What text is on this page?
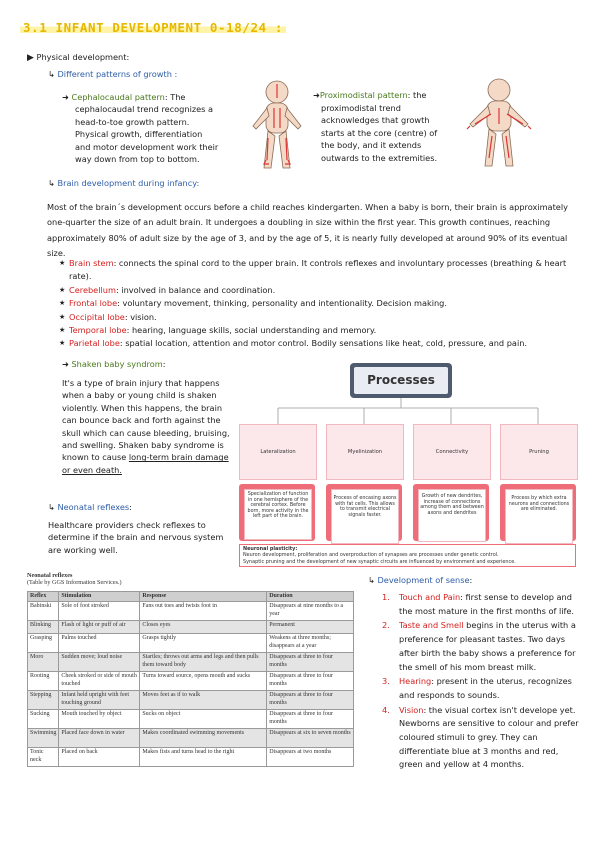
3.1 INFANT DEVELOPMENT 0-18/24 :
▶ Physical development:
↳ Different patterns of growth :

➜ Cephalocaudal pattern: The

cephalocaudal trend recognizes a

head-to-toe growth pattern.

Physical growth, differentiation

and motor development work their

way down from top to bottom.

➜Proximodistal pattern: the

proximodistal trend

acknowledges that growth

starts at the core (centre) of

the body, and it extends

outwards to the extremities.

↳ Brain development during infancy:

Most of the brain´s development occurs before a child reaches kindergarten. When a baby is born, their brain is approximately one-quarter the size of an adult brain. It undergoes a doubling in size within the first year. This growth continues, reaching approximately 80% of adult size by the age of 3, and by the age of 5, it is nearly fully developed at around 90% of its eventual size.

★ Brain stem: connects the spinal cord to the upper brain. It controls reflexes and involuntary processes (breathing & heart rate).
★ Cerebellum: involved in balance and coordination.
★ Frontal lobe: voluntary movement, thinking, personality and intentionality. Decision making.
★ Occipital lobe: vision.
★ Temporal lobe: hearing, language skills, social understanding and memory.
★ Parietal lobe: spatial location, attention and motor control. Bodily sensations like heat, cold, pressure, and pain.
➜ Shaken baby syndrom:

It's a type of brain injury that happens when a baby or young child is shaken violently. When this happens, the brain can bounce back and forth against the skull which can cause bleeding, bruising, and swelling. Shaken baby syndrome is known to cause long-term brain damage or even death.

↳ Neonatal reflexes:

Healthcare providers check reflexes to determine if the brain and nervous system are working well.

Processes
Lateralization	Myelinization	Connectivity	Pruning
Specialization of function in one hemisphere of the cerebral cortex. Before born, more activity in the left part of the brain.
Process of encasing axons with fat cells. This allows to transmit electrical signals faster.
Growth of new dendrites, increase of connections among them and between axons and dendrites
Process by which extra neurons and connections are eliminated.
Neuronal plasticity:
Neuron development, proliferation and overproduction of synapses are processes under genetic control.
Synaptic pruning and the development of new synaptic circuits are influenced by environment and experience.
Neonatal reflexes
(Table by GGS Information Services.)
Reflex	Stimulation	Response	Duration
Babinski	Sole of foot stroked	Fans out toes and twists foot in	Disappears at nine months to a year
Blinking	Flash of light or puff of air	Closes eyes	Permanent
Grasping	Palms touched	Grasps tightly	Weakens at three months; disappears at a year
Moro	Sudden move; loud noise	Startles; throws out arms and legs and then pulls them toward body	Disappears at three to four months
Rooting	Cheek stroked or side of mouth touched	Turns toward source, opens mouth and sucks	Disappears at three to four months
Stepping	Infant held upright with feet touching ground	Moves feet as if to walk	Disappears at three to four months
Sucking	Mouth touched by object	Sucks on object	Disappears at three to four months
Swimming	Placed face down in water	Makes coordinated swimming movements	Disappears at six to seven months
Tonic neck	Placed on back	Makes fists and turns head to the right	Disappears at two months
↳ Development of sense:
1. Touch and Pain: first sense to develop and the most mature in the first months of life.
2. Taste and Smell begins in the uterus with a preference for pleasant tastes. Two days after birth the baby shows a preference for the smell of his mom breast milk.
3. Hearing: present in the uterus, recognizes and responds to sounds.
4. Vision: the visual cortex isn't develope yet. Newborns are sensitive to colour and prefer coloured stimuli to grey. They can differentiate blue at 3 months and red, green and yellow at 4 months.
